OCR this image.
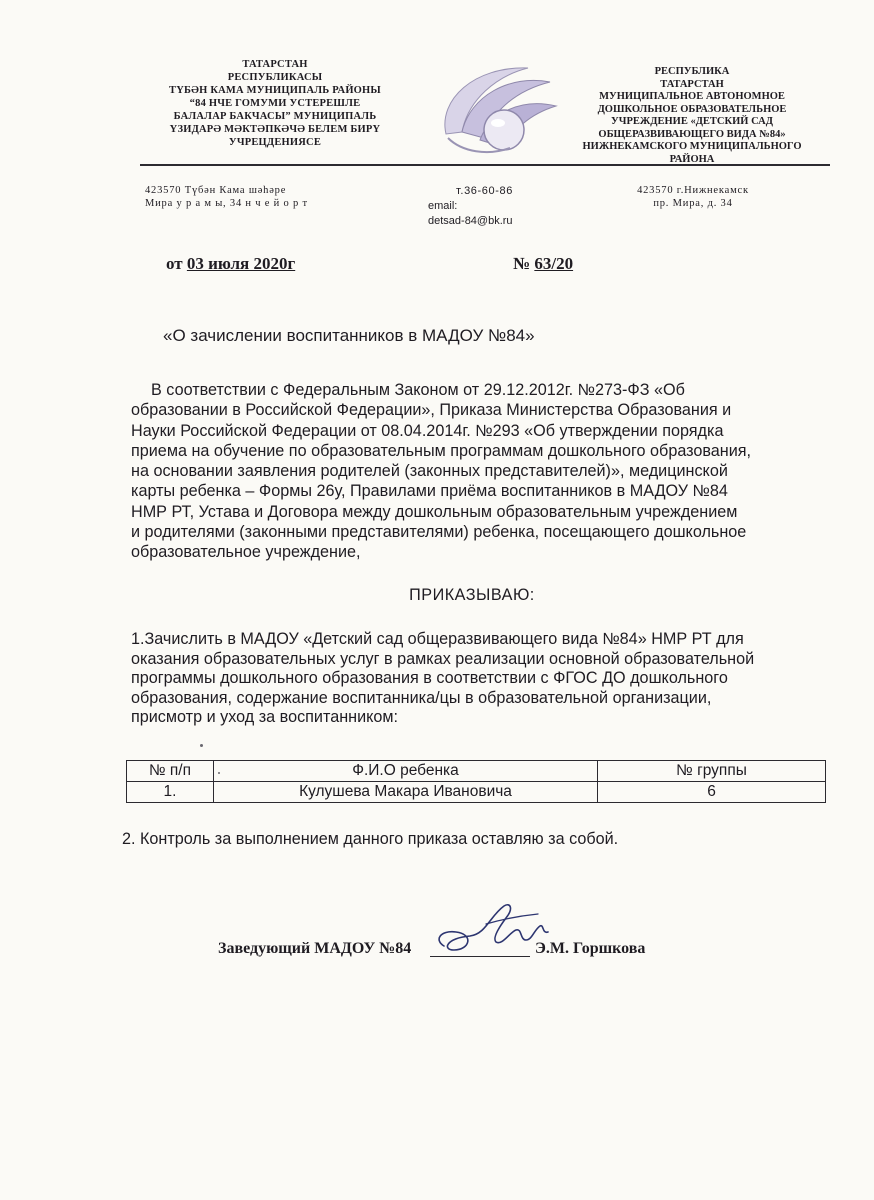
ТАТАРСТАН
РЕСПУБЛИКАСЫ
ТҮБӘН КАМА МУНИЦИПАЛЬ РАЙОНЫ
“84 НЧЕ ГОМУМИ УСТЕРЕШЛЕ
БАЛАЛАР БАКЧАСЫ” МУНИЦИПАЛЬ
ҮЗИДАРӘ МӘКТӘПКӘЧӘ БЕЛЕМ БИРҮ
УЧРЕЦДЕНИЯСЕ
РЕСПУБЛИКА
ТАТАРСТАН
МУНИЦИПАЛЬНОЕ АВТОНОМНОЕ
ДОШКОЛЬНОЕ ОБРАЗОВАТЕЛЬНОЕ
УЧРЕЖДЕНИЕ «ДЕТСКИЙ САД
ОБЩЕРАЗВИВАЮЩЕГО ВИДА №84»
НИЖНЕКАМСКОГО МУНИЦИПАЛЬНОГО
РАЙОНА
423570 Түбән Кама шәһәре
Мира у р а м ы, 34 н ч е й о р т
т.36-60-86
email:
detsad-84@bk.ru
423570 г.Нижнекамск
пр. Мира, д. 34
от 03 июля 2020г	№ 63/20
«О зачислении воспитанников в МАДОУ №84»
В соответствии с Федеральным Законом от 29.12.2012г. №273-ФЗ «Об
образовании в Российской Федерации», Приказа Министерства Образования и
Науки Российской Федерации от 08.04.2014г. №293 «Об утверждении порядка
приема на обучение по образовательным программам дошкольного образования,
на основании заявления родителей (законных представителей)», медицинской
карты ребенка – Формы 26у, Правилами приёма воспитанников в МАДОУ №84
НМР РТ, Устава и Договора между дошкольным образовательным учреждением
и родителями (законными представителями) ребенка, посещающего дошкольное
образовательное учреждение,
ПРИКАЗЫВАЮ:
1.Зачислить в МАДОУ «Детский сад общеразвивающего вида №84» НМР РТ для
оказания образовательных услуг в рамках реализации основной образовательной
программы дошкольного образования в соответствии с ФГОС ДО дошкольного
образования, содержание воспитанника/цы в образовательной организации,
присмотр и уход за воспитанником:
№ п/п	Ф.И.О ребенка	№ группы
1.	Кулушева Макара Ивановича	6
2. Контроль за выполнением данного приказа оставляю за собой.
Заведующий МАДОУ №84	Э.М. Горшкова
